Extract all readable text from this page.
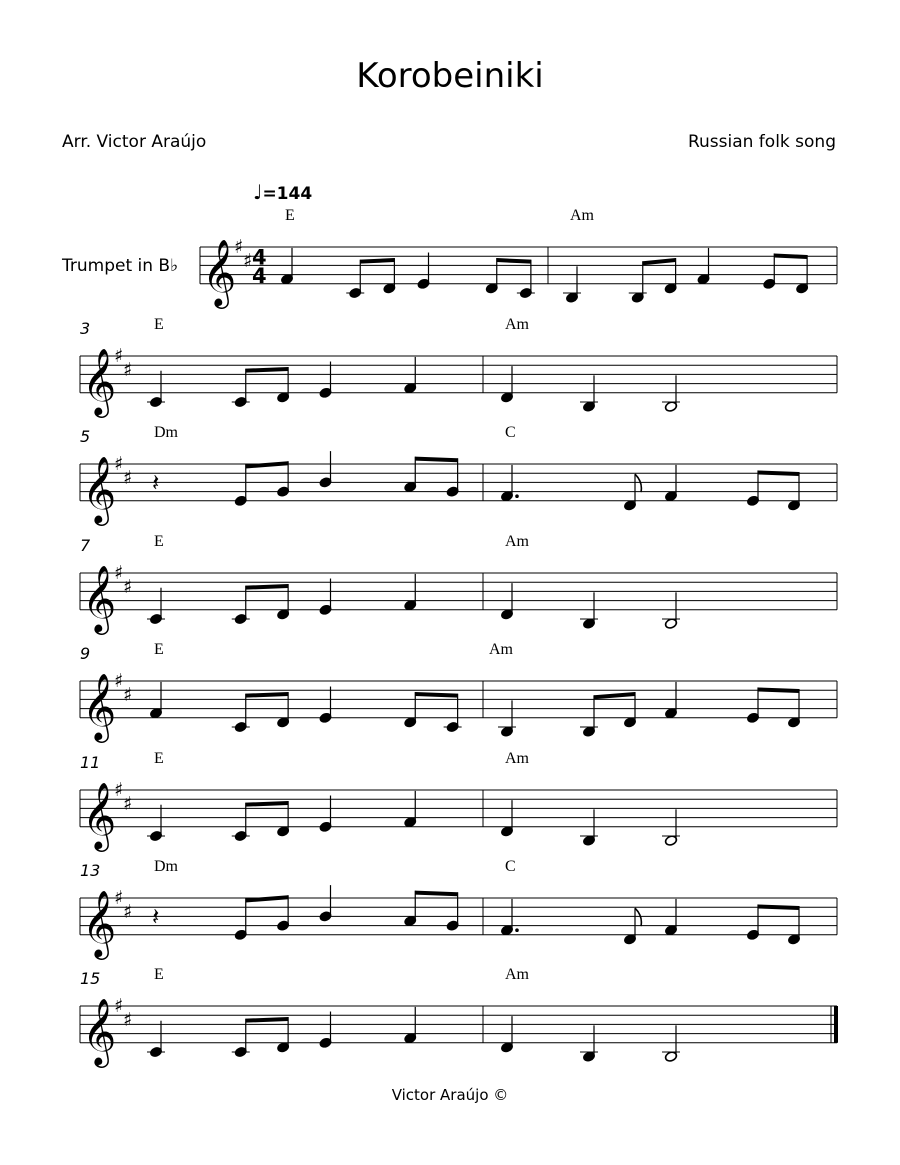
Korobeiniki
Arr. Victor Araújo	Russian folk song
♩=144
Trumpet in B♭ 𝄞
♯
♯ 4
4
𝄞
♯
♯
𝄞
♯
♯ 𝄽
𝄞
♯
♯
𝄞
♯
♯
𝄞
♯
♯
𝄞
♯
♯ 𝄽
𝄞
♯
♯
E	Am
3	E	Am
5	Dm	C
7	E	Am
9	E	Am
11	E	Am
13	Dm	C
15	E	Am
Victor Araújo ©
